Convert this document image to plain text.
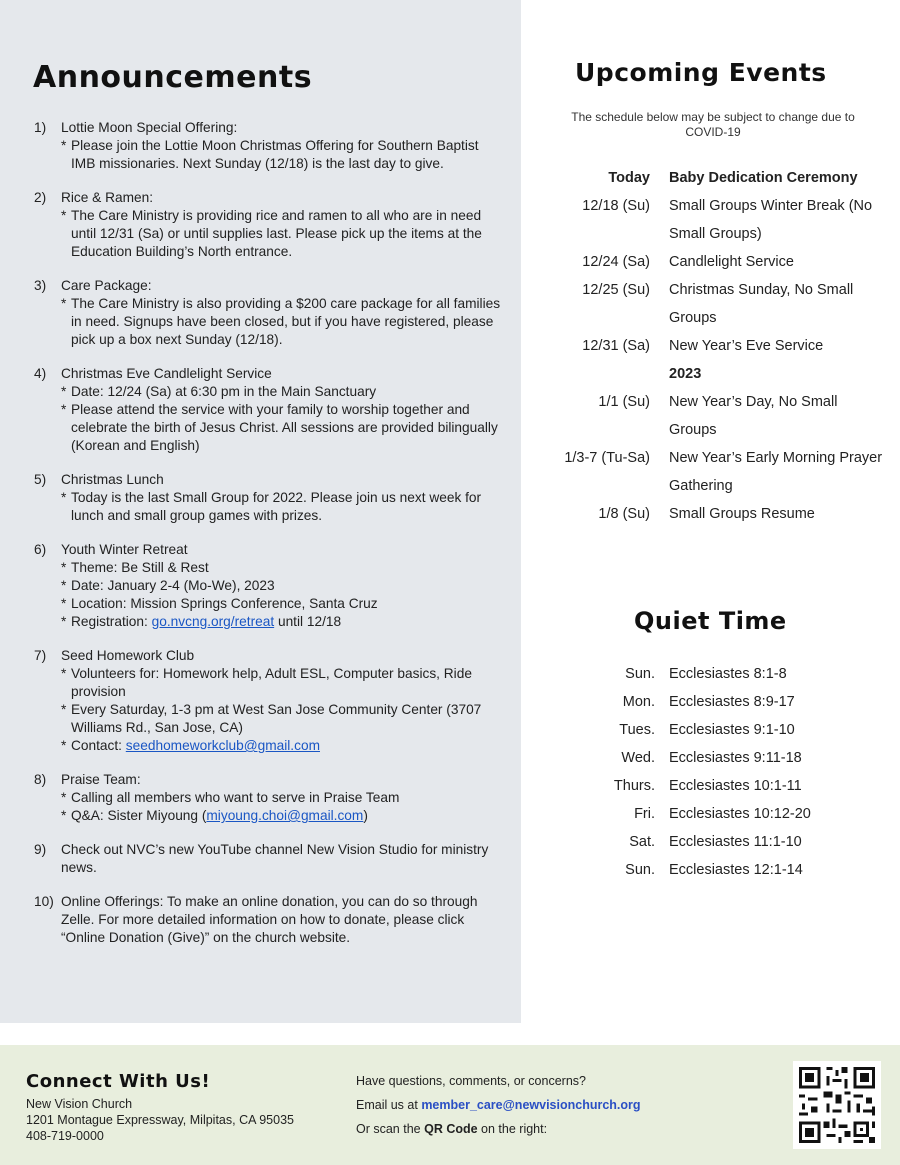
Announcements
1)	Lottie Moon Special Offering:
* Please join the Lottie Moon Christmas Offering for Southern Baptist IMB missionaries. Next Sunday (12/18) is the last day to give.
2)	Rice & Ramen:
* The Care Ministry is providing rice and ramen to all who are in need until 12/31 (Sa) or until supplies last. Please pick up the items at the Education Building’s North entrance.
3)	Care Package:
* The Care Ministry is also providing a $200 care package for all families in need. Signups have been closed, but if you have registered, please pick up a box next Sunday (12/18).
4)	Christmas Eve Candlelight Service
* Date: 12/24 (Sa) at 6:30 pm in the Main Sanctuary
* Please attend the service with your family to worship together and celebrate the birth of Jesus Christ. All sessions are provided bilingually (Korean and English)
5)	Christmas Lunch
* Today is the last Small Group for 2022. Please join us next week for lunch and small group games with prizes.
6)	Youth Winter Retreat
* Theme: Be Still & Rest
* Date: January 2-4 (Mo-We), 2023
* Location: Mission Springs Conference, Santa Cruz
* Registration: go.nvcng.org/retreat until 12/18
7)	Seed Homework Club
* Volunteers for: Homework help, Adult ESL, Computer basics, Ride provision
* Every Saturday, 1-3 pm at West San Jose Community Center (3707 Williams Rd., San Jose, CA)
* Contact: seedhomeworkclub@gmail.com
8)	Praise Team:
* Calling all members who want to serve in Praise Team
* Q&A: Sister Miyoung (miyoung.choi@gmail.com)
9)	Check out NVC’s new YouTube channel New Vision Studio for ministry news.
10) Online Offerings: To make an online donation, you can do so through Zelle. For more detailed information on how to donate, please click “Online Donation (Give)” on the church website.
Upcoming Events
The schedule below may be subject to change due to COVID-19
Today	Baby Dedication Ceremony
12/18 (Su)	Small Groups Winter Break (No Small Groups)
12/24 (Sa)	Candlelight Service
12/25 (Su)	Christmas Sunday, No Small Groups
12/31 (Sa)	New Year’s Eve Service
	2023
1/1 (Su)	New Year’s Day, No Small Groups
1/3-7 (Tu-Sa)	New Year’s Early Morning Prayer Gathering
1/8 (Su)	Small Groups Resume
Quiet Time
Sun.	Ecclesiastes 8:1-8
Mon.	Ecclesiastes 8:9-17
Tues.	Ecclesiastes 9:1-10
Wed.	Ecclesiastes 9:11-18
Thurs.	Ecclesiastes 10:1-11
Fri.	Ecclesiastes 10:12-20
Sat.	Ecclesiastes 11:1-10
Sun.	Ecclesiastes 12:1-14
Connect With Us!
New Vision Church
1201 Montague Expressway, Milpitas, CA 95035
408-719-0000
Have questions, comments, or concerns?
Email us at member_care@newvisionchurch.org
Or scan the QR Code on the right:
